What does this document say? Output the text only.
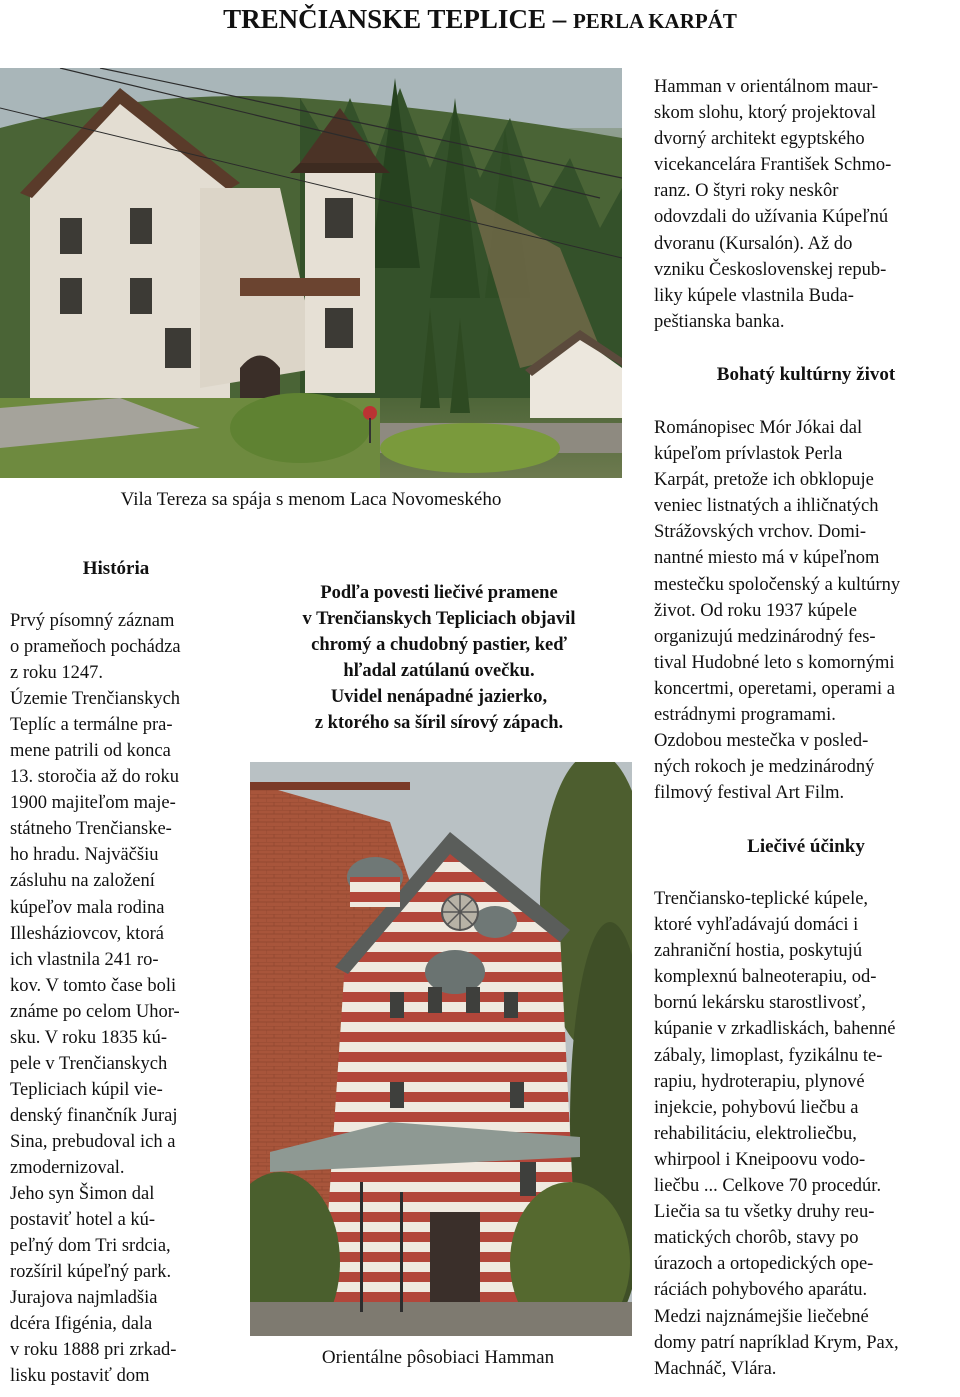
TRENČIANSKE TEPLICE – PERLA KARPÁT
Vila Tereza sa spája s menom Laca Novomeského
Hamman v orientálnom maur-
skom slohu, ktorý projektoval
dvorný architekt egyptského
vicekancelára František Schmo-
ranz. O štyri roky neskôr
odovzdali do užívania Kúpeľnú
dvoranu (Kursalón). Až do
vzniku Československej repub-
liky kúpele vlastnila Buda-
peštianska banka.
Bohatý kultúrny život
Románopisec Mór Jókai dal
kúpeľom prívlastok Perla
Karpát, pretože ich obklopuje
veniec listnatých a ihličnatých
Strážovských vrchov. Domi-
nantné miesto má v kúpeľnom
mestečku spoločenský a kultúrny
život. Od roku 1937 kúpele
organizujú medzinárodný fes-
tival Hudobné leto s komornými
koncertmi, operetami, operami a
estrádnymi programami.
Ozdobou mestečka v posled-
ných rokoch je medzinárodný
filmový festival Art Film.
Liečivé účinky
Trenčiansko-teplické kúpele,
ktoré vyhľadávajú domáci i
zahraniční hostia, poskytujú
komplexnú balneoterapiu, od-
bornú lekársku starostlivosť,
kúpanie v zrkadliskách, bahenné
zábaly, limoplast, fyzikálnu te-
rapiu, hydroterapiu, plynové
injekcie, pohybovú liečbu a
rehabilitáciu, elektroliečbu,
whirpool i Kneipoovu vodo-
liečbu ... Celkove 70 procedúr.
Liečia sa tu všetky druhy reu-
matických chorôb, stavy po
úrazoch a ortopedických ope-
ráciách pohybového aparátu.
Medzi najznámejšie liečebné
domy patrí napríklad Krym, Pax,
Machnáč, Vlára.
História
Prvý písomný záznam
o prameňoch pochádza
z roku 1247.
Územie Trenčianskych
Teplíc a termálne pra-
mene patrili od konca
13. storočia až do roku
1900 majiteľom maje-
státneho Trenčianske-
ho hradu. Najväčšiu
zásluhu na založení
kúpeľov mala rodina
Illesháziovcov, ktorá
ich vlastnila 241 ro-
kov. V tomto čase boli
známe po celom Uhor-
sku. V roku 1835 kú-
pele v Trenčianskych
Tepliciach kúpil vie-
denský finančník Juraj
Sina, prebudoval ich a
zmodernizoval.
Jeho syn Šimon dal
postaviť hotel a kú-
peľný dom Tri srdcia,
rozšíril kúpeľný park.
Jurajova najmladšia
dcéra Ifigénia, dala
v roku 1888 pri zrkad-
lisku postaviť dom
Podľa povesti liečivé pramene
v Trenčianskych Tepliciach objavil
chromý a chudobný pastier, keď
hľadal zatúlanú ovečku.
Uvidel nenápadné jazierko,
z ktorého sa šíril sírový zápach.
Orientálne pôsobiaci Hamman
